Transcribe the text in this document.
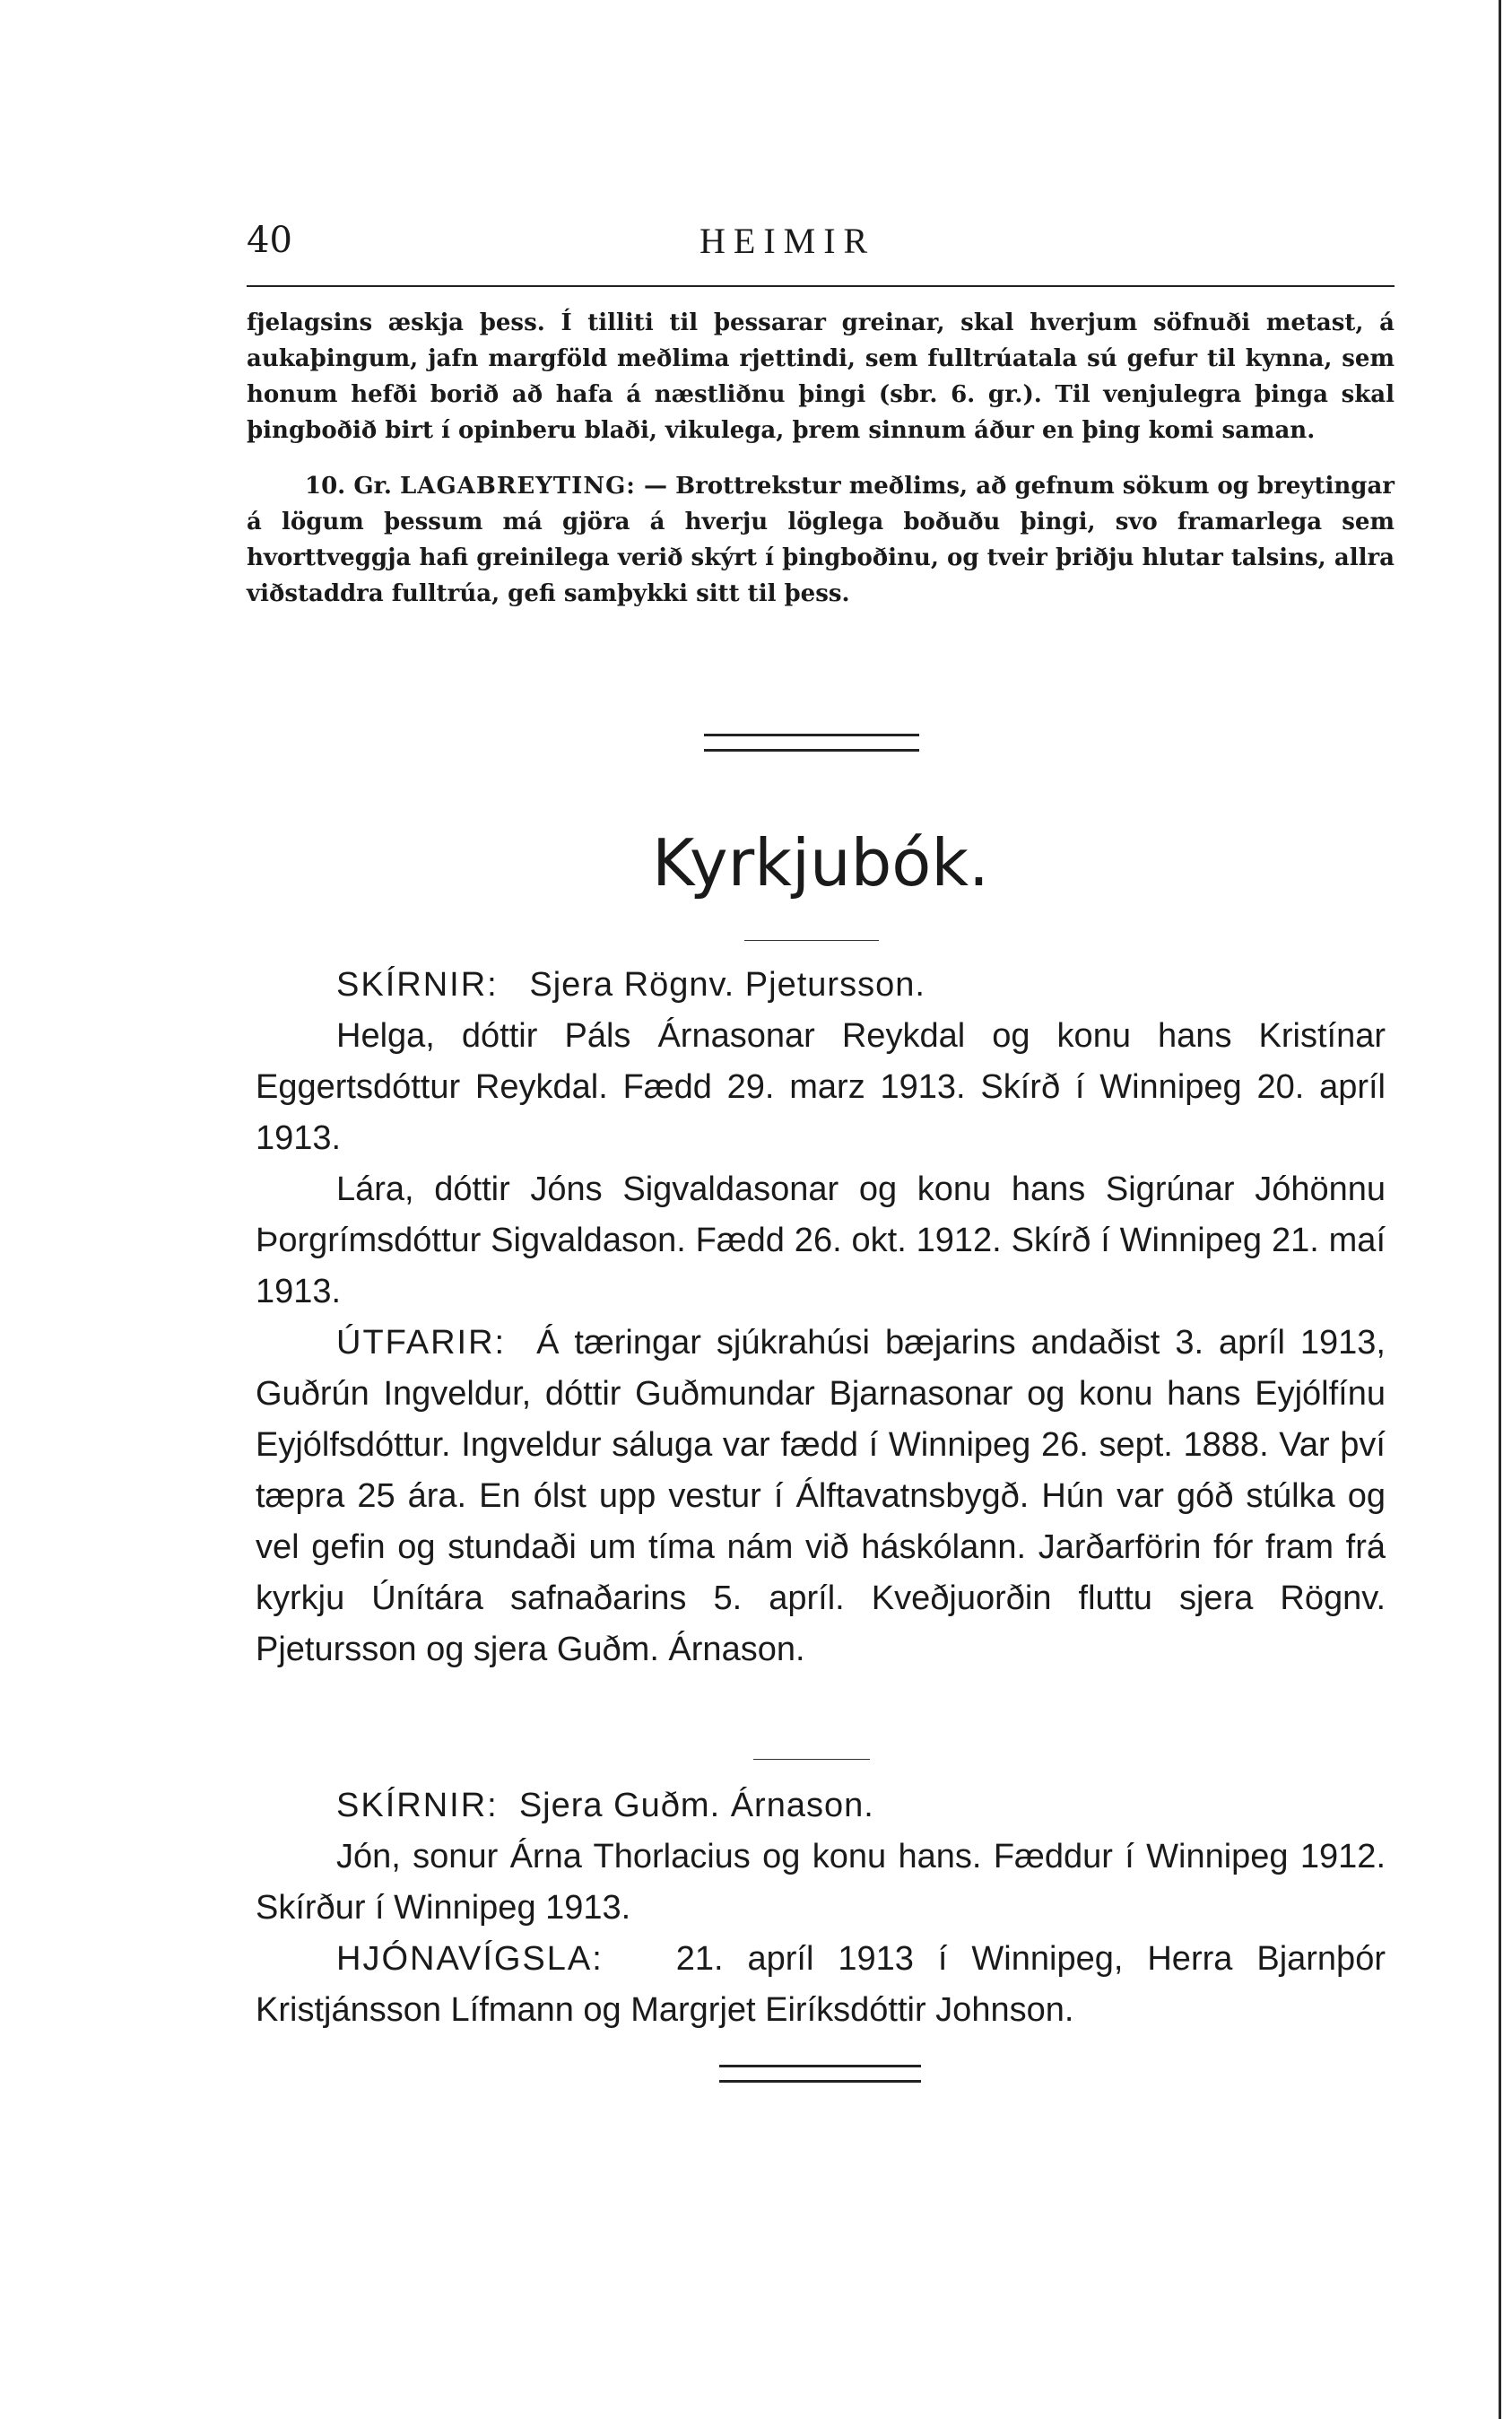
40	HEIMIR

fjelagsins æskja þess. Í tilliti til þessarar greinar, skal hverjum söfnuði metast, á aukaþingum, jafn margföld meðlima rjettindi, sem fulltrúatala sú gefur til kynna, sem honum hefði borið að hafa á næstliðnu þingi (sbr. 6. gr.). Til venjulegra þinga skal þingboðið birt í opinberu blaði, vikulega, þrem sinnum áður en þing komi saman.

10. Gr. LAGABREYTING: — Brottrekstur meðlims, að gefnum sökum og breytingar á lögum þessum má gjöra á hverju löglega boðuðu þingi, svo framarlega sem hvorttveggja hafi greinilega verið skýrt í þingboðinu, og tveir þriðju hlutar talsins, allra viðstaddra fulltrúa, gefi samþykki sitt til þess.

Kyrkjubók.

SKÍRNIR: Sjera Rögnv. Pjetursson.

Helga, dóttir Páls Árnasonar Reykdal og konu hans Kristínar Eggertsdóttur Reykdal. Fædd 29. marz 1913. Skírð í Winnipeg 20. apríl 1913.

Lára, dóttir Jóns Sigvaldasonar og konu hans Sigrúnar Jóhönnu Þorgrímsdóttur Sigvaldason. Fædd 26. okt. 1912. Skírð í Winnipeg 21. maí 1913.

ÚTFARIR: Á tæringar sjúkrahúsi bæjarins andaðist 3. apríl 1913, Guðrún Ingveldur, dóttir Guðmundar Bjarnasonar og konu hans Eyjólfínu Eyjólfsdóttur. Ingveldur sáluga var fædd í Winnipeg 26. sept. 1888. Var því tæpra 25 ára. En ólst upp vestur í Álftavatnsbygð. Hún var góð stúlka og vel gefin og stundaði um tíma nám við háskólann. Jarðarförin fór fram frá kyrkju Únítára safnaðarins 5. apríl. Kveðjuorðin fluttu sjera Rögnv. Pjetursson og sjera Guðm. Árnason.

SKÍRNIR: Sjera Guðm. Árnason.

Jón, sonur Árna Thorlacius og konu hans. Fæddur í Winnipeg 1912. Skírður í Winnipeg 1913.

HJÓNAVÍGSLA: 21. apríl 1913 í Winnipeg, Herra Bjarnþór Kristjánsson Lífmann og Margrjet Eiríksdóttir Johnson.
